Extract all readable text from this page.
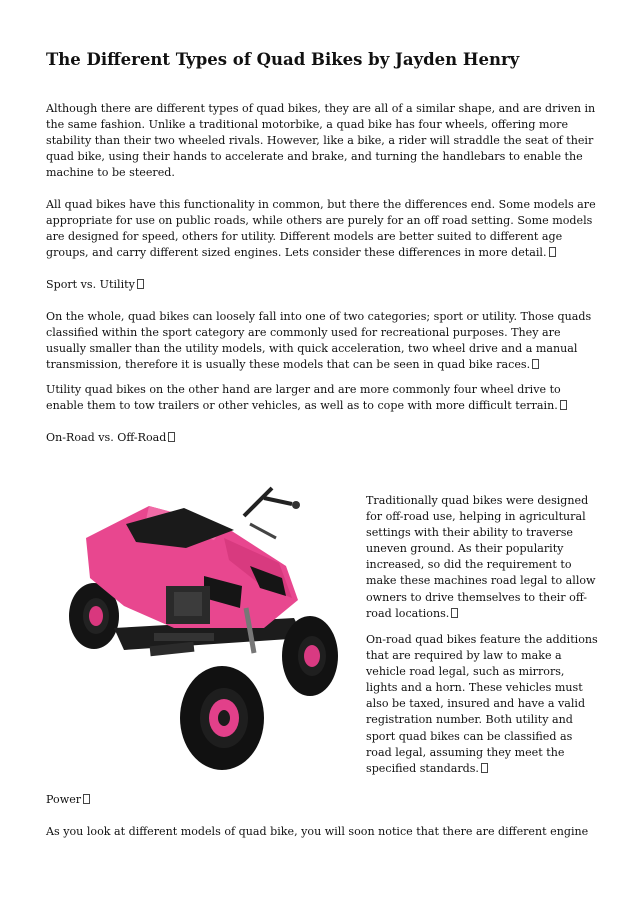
The Different Types of Quad Bikes by Jayden Henry

Although there are different types of quad bikes, they are all of a similar shape, and are driven in the same fashion. Unlike a traditional motorbike, a quad bike has four wheels, offering more stability than their two wheeled rivals. However, like a bike, a rider will straddle the seat of their quad bike, using their hands to accelerate and brake, and turning the handlebars to enable the machine to be steered.

All quad bikes have this functionality in common, but there the differences end. Some models are appropriate for use on public roads, while others are purely for an off road setting. Some models are designed for speed, others for utility. Different models are better suited to different age groups, and carry different sized engines. Lets consider these differences in more detail.

Sport vs. Utility

On the whole, quad bikes can loosely fall into one of two categories; sport or utility. Those quads classified within the sport category are commonly used for recreational purposes. They are usually smaller than the utility models, with quick acceleration, two wheel drive and a manual transmission, therefore it is usually these models that can be seen in quad bike races.

Utility quad bikes on the other hand are larger and are more commonly four wheel drive to enable them to tow trailers or other vehicles, as well as to cope with more difficult terrain.

On-Road vs. Off-Road

Traditionally quad bikes were designed for off-road use, helping in agricultural settings with their ability to traverse uneven ground. As their popularity increased, so did the requirement to make these machines road legal to allow owners to drive themselves to their off-road locations.

On-road quad bikes feature the additions that are required by law to make a vehicle road legal, such as mirrors, lights and a horn. These vehicles must also be taxed, insured and have a valid registration number. Both utility and sport quad bikes can be classified as road legal, assuming they meet the specified standards.

Power

As you look at different models of quad bike, you will soon notice that there are different engine
